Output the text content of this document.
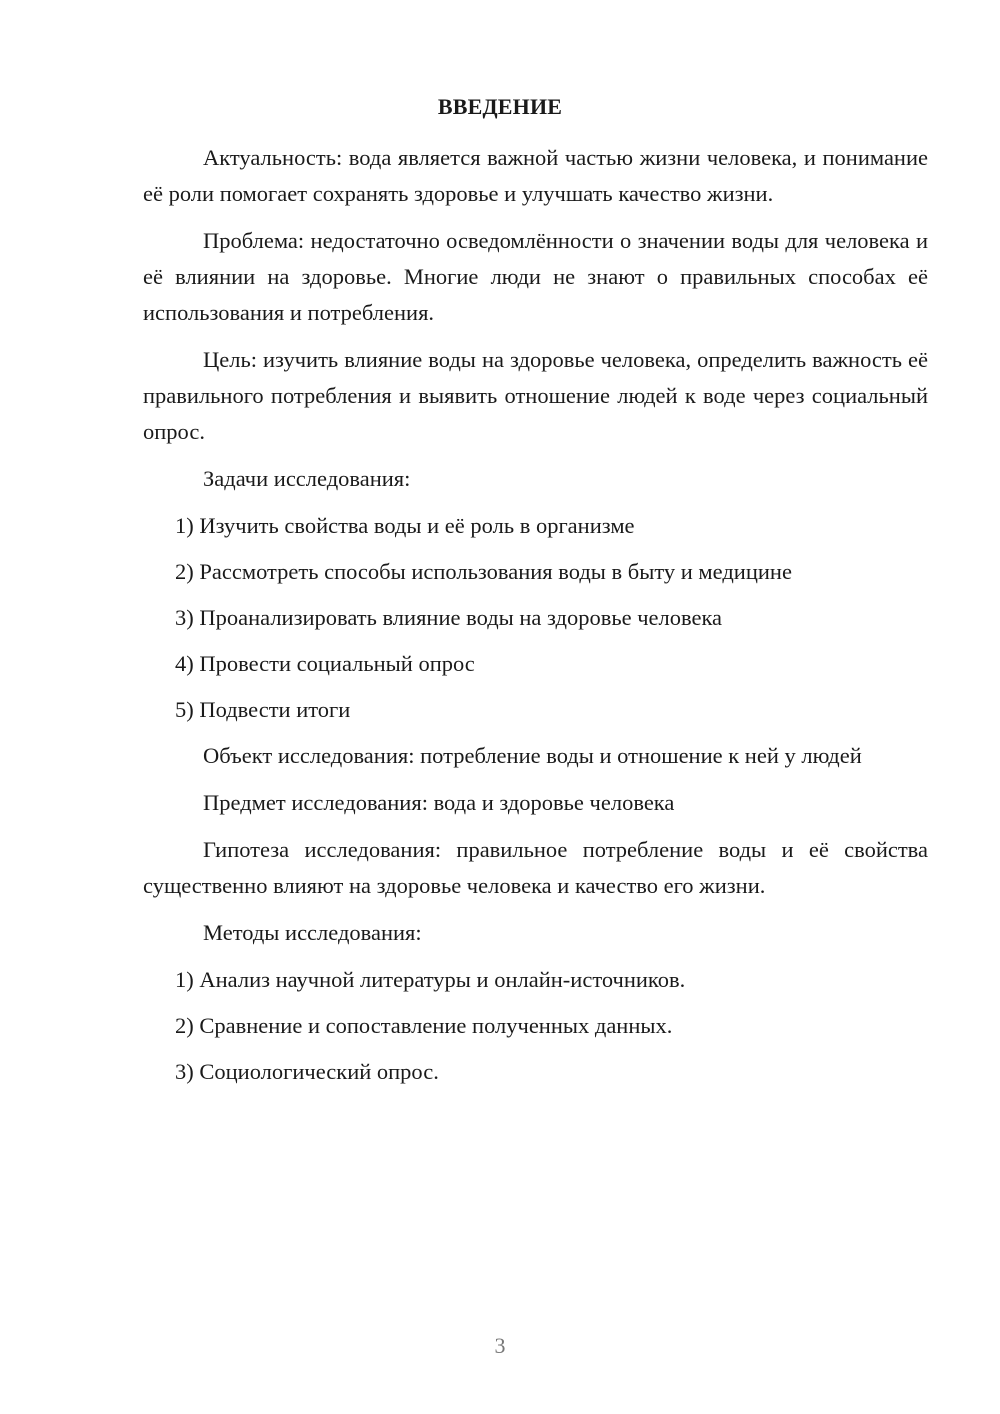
ВВЕДЕНИЕ

Актуальность: вода является важной частью жизни человека, и понимание её роли помогает сохранять здоровье и улучшать качество жизни.

Проблема: недостаточно осведомлённости о значении воды для человека и её влиянии на здоровье. Многие люди не знают о правильных способах её использования и потребления.

Цель: изучить влияние воды на здоровье человека, определить важность её правильного потребления и выявить отношение людей к воде через социальный опрос.

Задачи исследования:

1) Изучить свойства воды и её роль в организме

2) Рассмотреть способы использования воды в быту и медицине

3) Проанализировать влияние воды на здоровье человека

4) Провести социальный опрос

5) Подвести итоги

Объект исследования: потребление воды и отношение к ней у людей

Предмет исследования: вода и здоровье человека

Гипотеза исследования: правильное потребление воды и её свойства существенно влияют на здоровье человека и качество его жизни.

Методы исследования:

1) Анализ научной литературы и онлайн-источников.

2) Сравнение и сопоставление полученных данных.

3) Социологический опрос.

3
